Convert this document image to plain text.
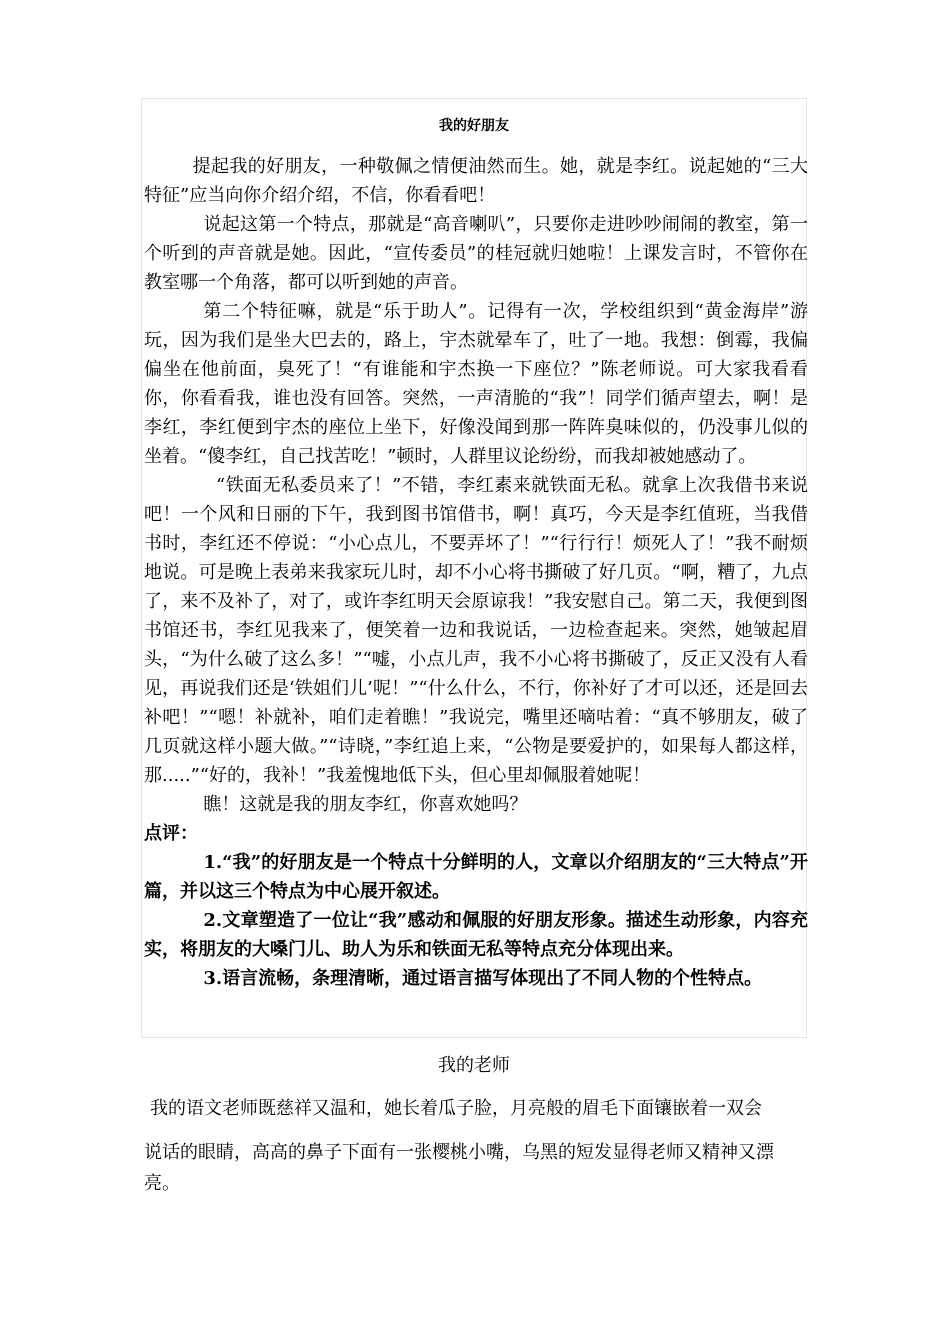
我的好朋友

提起我的好朋友，一种敬佩之情便油然而生。她，就是李红。说起她的“三大特征”应当向你介绍介绍，不信，你看看吧！

说起这第一个特点，那就是“高音喇叭”，只要你走进吵吵闹闹的教室，第一个听到的声音就是她。因此，“宣传委员”的桂冠就归她啦！上课发言时，不管你在教室哪一个角落，都可以听到她的声音。

第二个特征嘛，就是“乐于助人”。记得有一次，学校组织到“黄金海岸”游玩，因为我们是坐大巴去的，路上，宇杰就晕车了，吐了一地。我想：倒霉，我偏偏坐在他前面，臭死了！“有谁能和宇杰换一下座位？”陈老师说。可大家我看看你，你看看我，谁也没有回答。突然，一声清脆的“我”！同学们循声望去，啊！是李红，李红便到宇杰的座位上坐下，好像没闻到那一阵阵臭味似的，仍没事儿似的坐着。“傻李红，自己找苦吃！”顿时，人群里议论纷纷，而我却被她感动了。

“铁面无私委员来了！”不错，李红素来就铁面无私。就拿上次我借书来说吧！一个风和日丽的下午，我到图书馆借书，啊！真巧，今天是李红值班，当我借书时，李红还不停说：“小心点儿，不要弄坏了！”“行行行！烦死人了！”我不耐烦地说。可是晚上表弟来我家玩儿时，却不小心将书撕破了好几页。“啊，糟了，九点了，来不及补了，对了，或许李红明天会原谅我！”我安慰自己。第二天，我便到图书馆还书，李红见我来了，便笑着一边和我说话，一边检查起来。突然，她皱起眉头，“为什么破了这么多！”“嘘，小点儿声，我不小心将书撕破了，反正又没有人看见，再说我们还是‘铁姐们儿’呢！”“什么什么，不行，你补好了才可以还，还是回去补吧！”“嗯！补就补，咱们走着瞧！”我说完，嘴里还嘀咕着：“真不够朋友，破了几页就这样小题大做。”“诗晓，”李红追上来，“公物是要爱护的，如果每人都这样，那.....”“好的，我补！”我羞愧地低下头，但心里却佩服着她呢！

瞧！这就是我的朋友李红，你喜欢她吗？

点评：

1.“我”的好朋友是一个特点十分鲜明的人，文章以介绍朋友的“三大特点”开篇，并以这三个特点为中心展开叙述。

2.文章塑造了一位让“我”感动和佩服的好朋友形象。描述生动形象，内容充实，将朋友的大嗓门儿、助人为乐和铁面无私等特点充分体现出来。

3.语言流畅，条理清晰，通过语言描写体现出了不同人物的个性特点。

我的老师

我的语文老师既慈祥又温和，她长着瓜子脸，月亮般的眉毛下面镶嵌着一双会

说话的眼睛，高高的鼻子下面有一张樱桃小嘴，乌黑的短发显得老师又精神又漂

亮。
